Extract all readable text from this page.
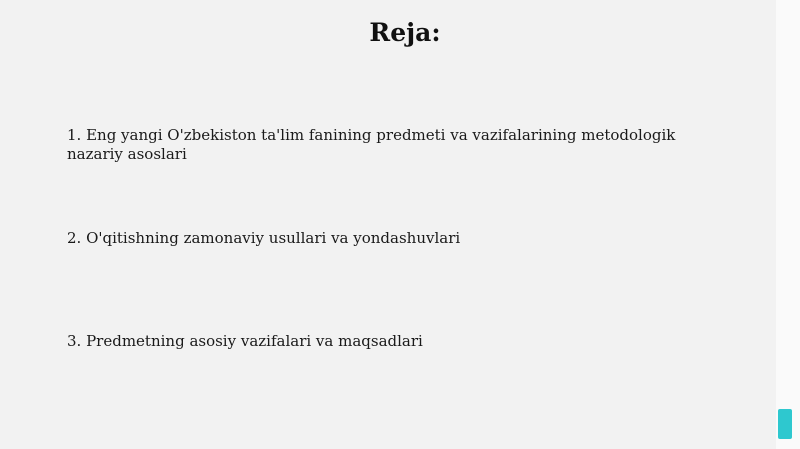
Reja:

1. Eng yangi O'zbekiston ta'lim fanining predmeti va vazifalarining metodologik nazariy asoslari

2. O'qitishning zamonaviy usullari va yondashuvlari

3. Predmetning asosiy vazifalari va maqsadlari
